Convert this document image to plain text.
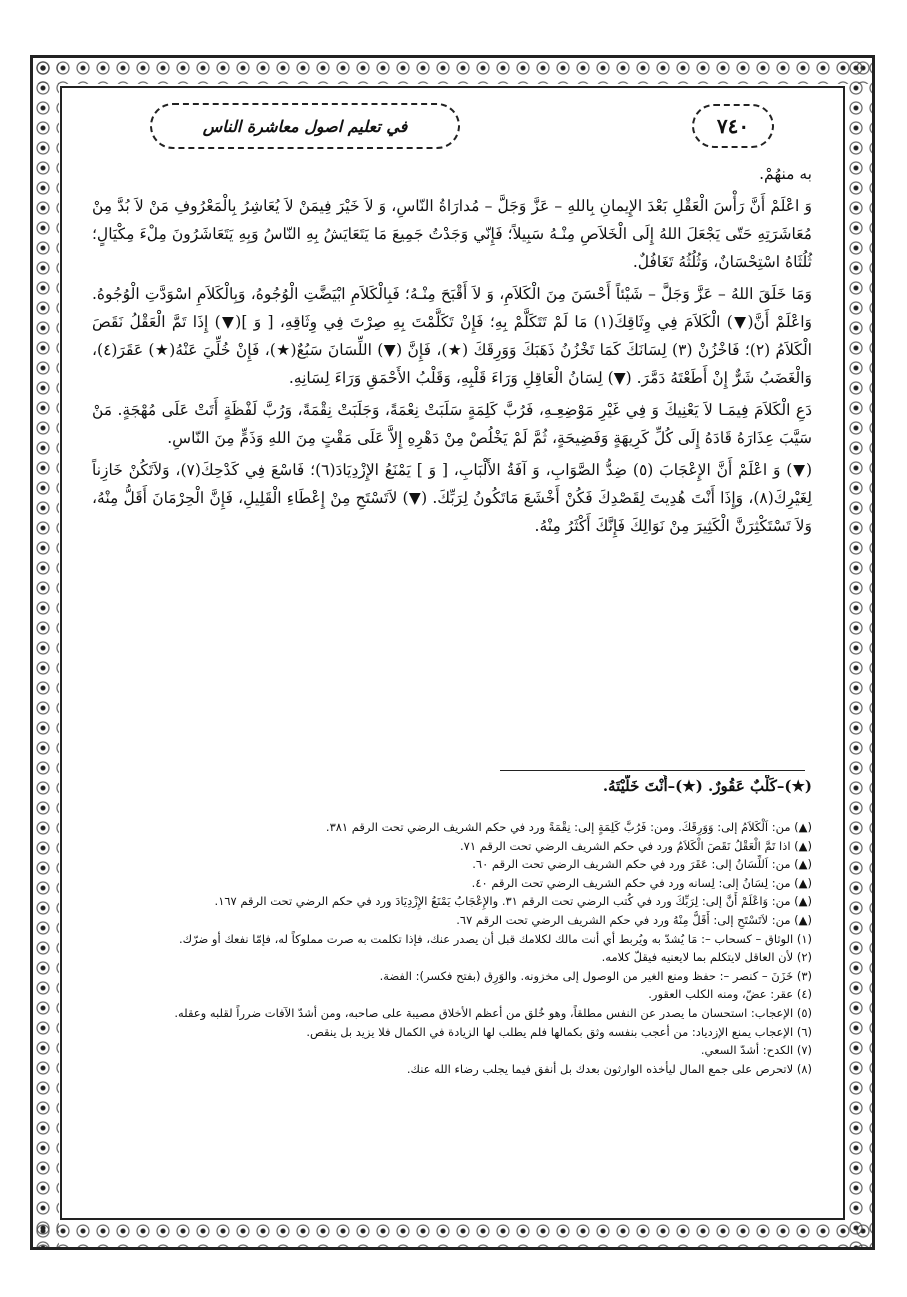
في تعليم اصول معاشرة الناس	٧٤٠

به منهُمْ.

وَ اعْلَمْ أَنَّ رَأْسَ الْعَقْلِ بَعْدَ الإِيمانِ بِاللهِ – عَزَّ وَجَلَّ – مُدارَاةُ النّاسِ، وَ لاَ خَيْرَ فِيمَنْ لاَ يُعَاشِرُ بِالْمَعْرُوفِ مَنْ لاَ بُدَّ مِنْ مُعَاشَرَتِهِ حَتّى يَجْعَلَ اللهُ إِلَى الْخَلاَصِ مِنْـهُ سَبِيلاً؛ فَإِنّي وَجَدْتُ جَمِيعَ مَا يَتَعَايَشُ بِهِ النّاسُ وَبِهِ يَتَعَاشَرُونَ مِلْءَ مِكْيَالٍ؛ ثُلُثَاهُ اسْتِحْسَانٌ، وَثُلُثُهُ تَغَافُلٌ.

وَمَا خَلَقَ اللهُ – عَزَّ وَجَلَّ – شَيْئاً أَحْسَنَ مِنَ الْكَلاَمِ، وَ لاَ أَقْبَحَ مِنْـهُ؛ فَبِالْكَلاَمِ ابْيَضَّتِ الْوُجُوهُ، وَبِالْكَلاَمِ اسْوَدَّتِ الْوُجُوهُ. وَاعْلَمْ أَنَّ(▼) الْكَلاَمَ فِي وِثَاقِكَ(١) مَا لَمْ تَتَكَلَّمْ بِهِ؛ فَإِنْ تَكَلَّمْتَ بِهِ صِرْتَ فِي وِثَاقِهِ، [ وَ ](▼) إِذَا تَمَّ الْعَقْلُ نَقَصَ الْكَلاَمُ (٢)؛ فَاخْزُنْ (٣) لِسَانَكَ كَمَا تَخْزُنُ ذَهَبَكَ وَوَرِقَكَ (★)، فَإِنَّ (▼) اللِّسَانَ سَبُعٌ(★)، فَإِنْ خُلِّيَ عَنْهُ(★) عَقَرَ(٤)، وَالْغَضَبُ شَرٌّ إِنْ أَطَعْتَهُ دَمَّرَ. (▼) لِسَانُ الْعَاقِلِ وَرَاءَ قَلْبِهِ، وَقَلْبُ الأَحْمَقِ وَرَاءَ لِسَانِهِ.

دَعِ الْكَلاَمَ فِيمَـا لاَ يَعْنِيكَ وَ فِي غَيْرِ مَوْضِعِـهِ، فَرُبَّ كَلِمَةٍ سَلَبَتْ نِعْمَةً، وَجَلَبَتْ نِقْمَةً، وَرُبَّ لَفْظَةٍ أَتَتْ عَلَى مُهْجَةٍ. مَنْ سَيَّبَ عِذَارَهُ قَادَهُ إِلَى كُلِّ كَرِيهَةٍ وَفَضِيحَةٍ، ثُمَّ لَمْ يَخْلُصْ مِنْ دَهْرِهِ إِلاَّ عَلَى مَقْتٍ مِنَ اللهِ وَذَمٍّ مِنَ النّاسِ.

(▼) وَ اعْلَمْ أَنَّ الإِعْجَابَ (٥) ضِدُّ الصَّوَابِ، وَ آفَةُ الأَلْبَابِ، [ وَ ] يَمْنَعُ الإِزْدِيَادَ(٦)؛ فَاسْعَ فِي كَدْحِكَ(٧)، وَلاَتَكُنْ خَازِناً لِغَيْرِكَ(٨)، وَإِذَا أَنْتَ هُدِيتَ لِقَصْدِكَ فَكُنْ أَخْشَعَ مَاتَكُونُ لِرَبِّكَ. (▼) لاَتَسْتَحِ مِنْ إِعْطَاءِ الْقَلِيلِ، فَإِنَّ الْحِرْمَانَ أَقَلُّ مِنْهُ، وَلاَ تَسْتَكْثِرَنَّ الْكَثِيرَ مِنْ نَوَالِكَ فَإِنَّكَ أَكْثَرُ مِنْهُ.

(★)–كَلْبٌ عَقُورٌ. (★)–أُنْتَ خَلَّيْتَهُ.

(▲) من: اَلْكَلاَمُ إلى: وَوَرِقَكَ. ومن: فَرُبَّ كَلِمَةٍ إلى: نِقْمَةً ورد في حكم الشريف الرضي تحت الرقم ٣٨١.

(▲) اذا تَمَّ الْعَقْلُ نَقَصَ الْكَلاَمُ ورد في حكم الشريف الرضي تحت الرقم ٧١.

(▲) من: اَللِّسَانُ إلى: عَقَرَ ورد في حكم الشريف الرضي تحت الرقم ٦٠.

(▲) من: لِسَانُ إلى: لِسانه ورد في حكم الشريف الرضي تحت الرقم ٤٠.

(▲) من: وَاعْلَمْ أَنَّ إلى: لِرَبِّكَ ورد في كُتب الرضي تحت الرقم ٣١. والإِعْجَابُ يَمْنَعُ الإِزْدِيَادَ ورد في حكم الرضي تحت الرقم ١٦٧.

(▲) من: لاَتَسْتَحِ إلى: أَقَلُّ مِنْهُ ورد في حكم الشريف الرضي تحت الرقم ٦٧.

(١) الوثاق – كسحاب –: مَا يُشدّ به ويُربط أي أنت مالك لكلامك قبل أن يصدر عنك، فإذا تكلمت به صرت مملوكاً له، فإمّا نفعك أو ضرّك.

(٢) لأن العاقل لايتكلم بما لايعنيه فيقلّ كلامه.

(٣) خَزَنَ – كنصر –: حفظ ومنع الغير من الوصول إلى مخزونه. والوَرِق (بفتح فكسر): الفضة.

(٤) عقر: عضّ، ومنه الكلب العقور.

(٥) الإعجاب: استحسان ما يصدر عن النفس مطلقاً، وهو خُلق من أعظم الأخلاق مصيبة على صاحبه، ومن أشدّ الآفات ضرراً لقلبه وعقله.

(٦) الإعجاب يمنع الإزدياد: من أعجب بنفسه وثق بكمالها فلم يطلب لها الزيادة في الكمال فلا يزيد بل ينقص.

(٧) الكدح: أشدّ السعي.

(٨) لاتحرص على جمع المال ليأخذه الوارثون بعدك بل أنفق فيما يجلب رضاء الله عنك.
